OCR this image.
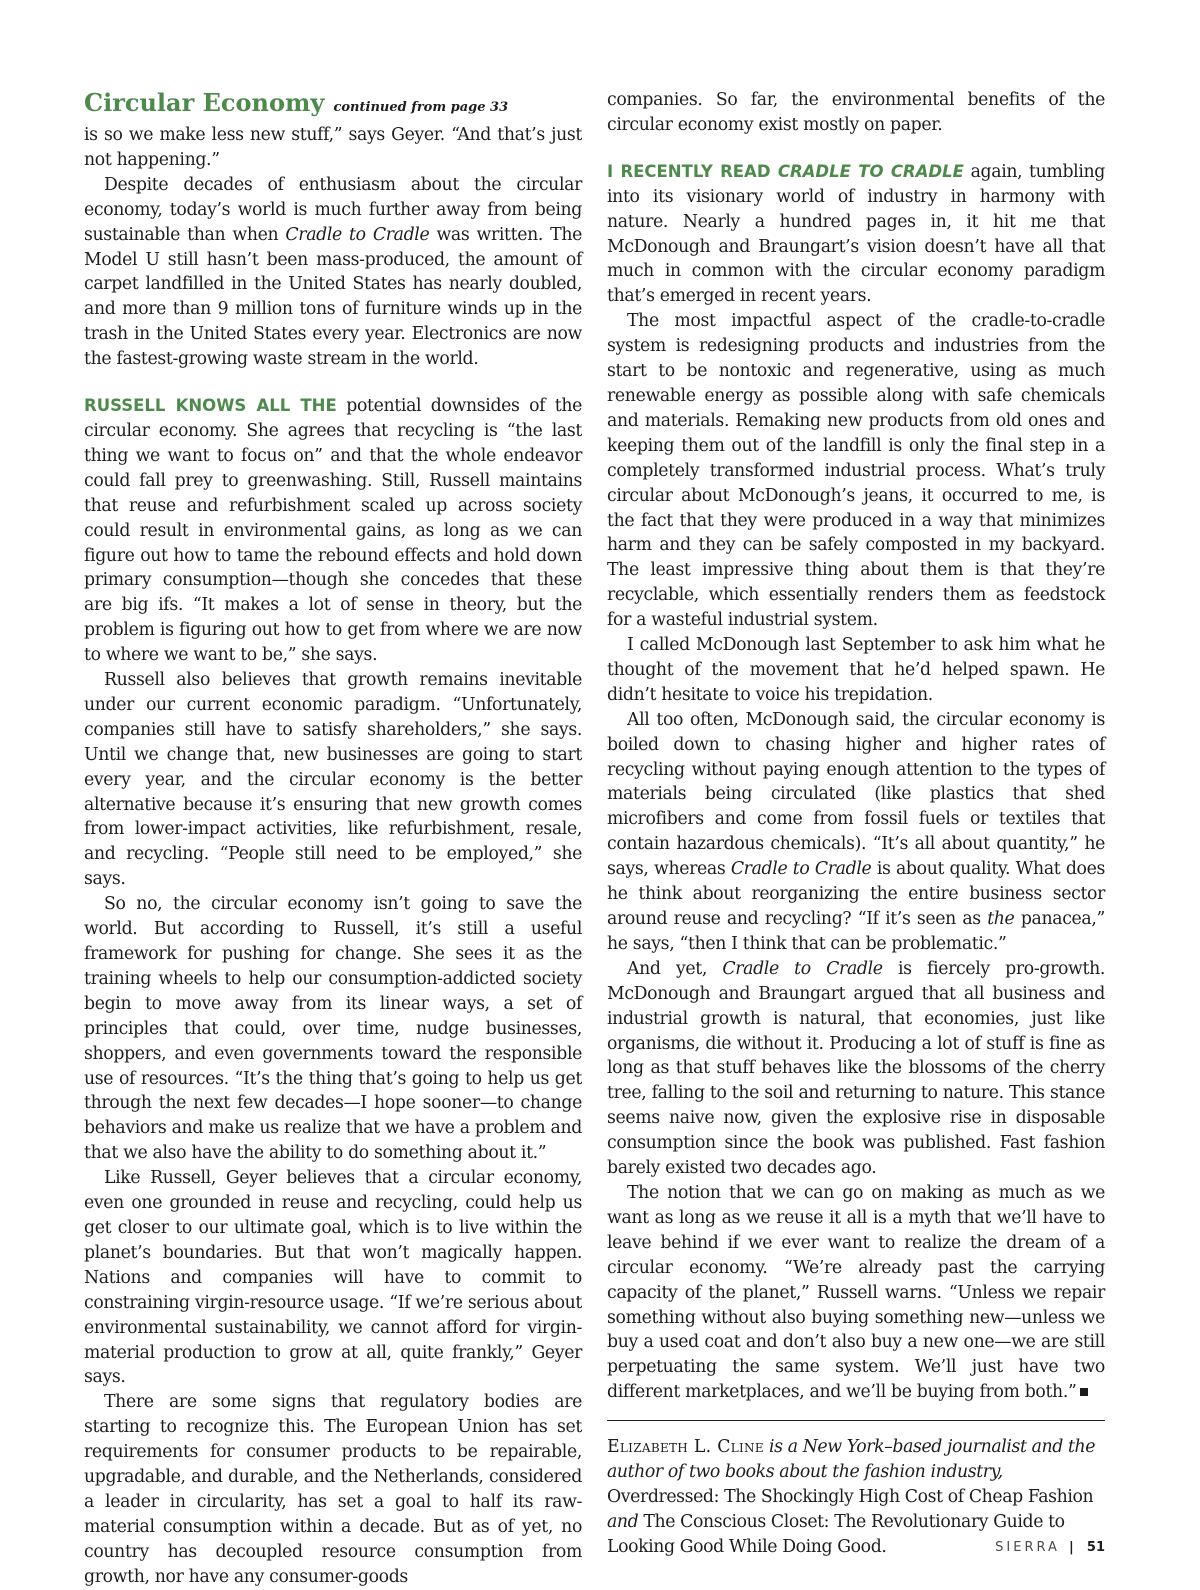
Circular Economy continued from page 33

is so we make less new stuff,” says Geyer. “And that’s just not happening.”

Despite decades of enthusiasm about the circular economy, today’s world is much further away from being sustainable than when Cradle to Cradle was written. The Model U still hasn’t been mass-produced, the amount of carpet landfilled in the United States has nearly doubled, and more than 9 million tons of furniture winds up in the trash in the United States every year. Electronics are now the fastest-growing waste stream in the world.

RUSSELL KNOWS ALL THE potential downsides of the circular economy. She agrees that recycling is “the last thing we want to focus on” and that the whole endeavor could fall prey to greenwashing. Still, Russell maintains that reuse and refurbishment scaled up across society could result in environmental gains, as long as we can figure out how to tame the rebound effects and hold down primary consumption—though she concedes that these are big ifs. “It makes a lot of sense in theory, but the problem is figuring out how to get from where we are now to where we want to be,” she says.

Russell also believes that growth remains inevitable under our current economic paradigm. “Unfortunately, companies still have to satisfy shareholders,” she says. Until we change that, new businesses are going to start every year, and the circular economy is the better alternative because it’s ensuring that new growth comes from lower-impact activities, like refurbishment, resale, and recycling. “People still need to be employed,” she says.

So no, the circular economy isn’t going to save the world. But according to Russell, it’s still a useful framework for pushing for change. She sees it as the training wheels to help our consumption-addicted society begin to move away from its linear ways, a set of principles that could, over time, nudge businesses, shoppers, and even governments toward the responsible use of resources. “It’s the thing that’s going to help us get through the next few decades—I hope sooner—to change behaviors and make us realize that we have a problem and that we also have the ability to do something about it.”

Like Russell, Geyer believes that a circular economy, even one grounded in reuse and recycling, could help us get closer to our ultimate goal, which is to live within the planet’s boundaries. But that won’t magically happen. Nations and companies will have to commit to constraining virgin-resource usage. “If we’re serious about environmental sustainability, we cannot afford for virgin-material production to grow at all, quite frankly,” Geyer says.

There are some signs that regulatory bodies are starting to recognize this. The European Union has set requirements for consumer products to be repairable, upgradable, and durable, and the Netherlands, considered a leader in circularity, has set a goal to half its raw-material consumption within a decade. But as of yet, no country has decoupled resource consumption from growth, nor have any consumer-goods

companies. So far, the environmental benefits of the circular economy exist mostly on paper.

I RECENTLY READ CRADLE TO CRADLE again, tumbling into its visionary world of industry in harmony with nature. Nearly a hundred pages in, it hit me that McDonough and Braungart’s vision doesn’t have all that much in common with the circular economy paradigm that’s emerged in recent years.

The most impactful aspect of the cradle-to-cradle system is redesigning products and industries from the start to be nontoxic and regenerative, using as much renewable energy as possible along with safe chemicals and materials. Remaking new products from old ones and keeping them out of the landfill is only the final step in a completely transformed industrial process. What’s truly circular about McDonough’s jeans, it occurred to me, is the fact that they were produced in a way that minimizes harm and they can be safely composted in my backyard. The least impressive thing about them is that they’re recyclable, which essentially renders them as feedstock for a wasteful industrial system.

I called McDonough last September to ask him what he thought of the movement that he’d helped spawn. He didn’t hesitate to voice his trepidation.

All too often, McDonough said, the circular economy is boiled down to chasing higher and higher rates of recycling without paying enough attention to the types of materials being circulated (like plastics that shed microfibers and come from fossil fuels or textiles that contain hazardous chemicals). “It’s all about quantity,” he says, whereas Cradle to Cradle is about quality. What does he think about reorganizing the entire business sector around reuse and recycling? “If it’s seen as the panacea,” he says, “then I think that can be problematic.”

And yet, Cradle to Cradle is fiercely pro-growth. McDonough and Braungart argued that all business and industrial growth is natural, that economies, just like organisms, die without it. Producing a lot of stuff is fine as long as that stuff behaves like the blossoms of the cherry tree, falling to the soil and returning to nature. This stance seems naive now, given the explosive rise in disposable consumption since the book was published. Fast fashion barely existed two decades ago.

The notion that we can go on making as much as we want as long as we reuse it all is a myth that we’ll have to leave behind if we ever want to realize the dream of a circular economy. “We’re already past the carrying capacity of the planet,” Russell warns. “Unless we repair something without also buying something new—unless we buy a used coat and don’t also buy a new one—we are still perpetuating the same system. We’ll just have two different marketplaces, and we’ll be buying from both.”

Elizabeth L. Cline is a New York–based journalist and the author of two books about the fashion industry, Overdressed: The Shockingly High Cost of Cheap Fashion and The Conscious Closet: The Revolutionary Guide to Looking Good While Doing Good.	SIERRA | 51
